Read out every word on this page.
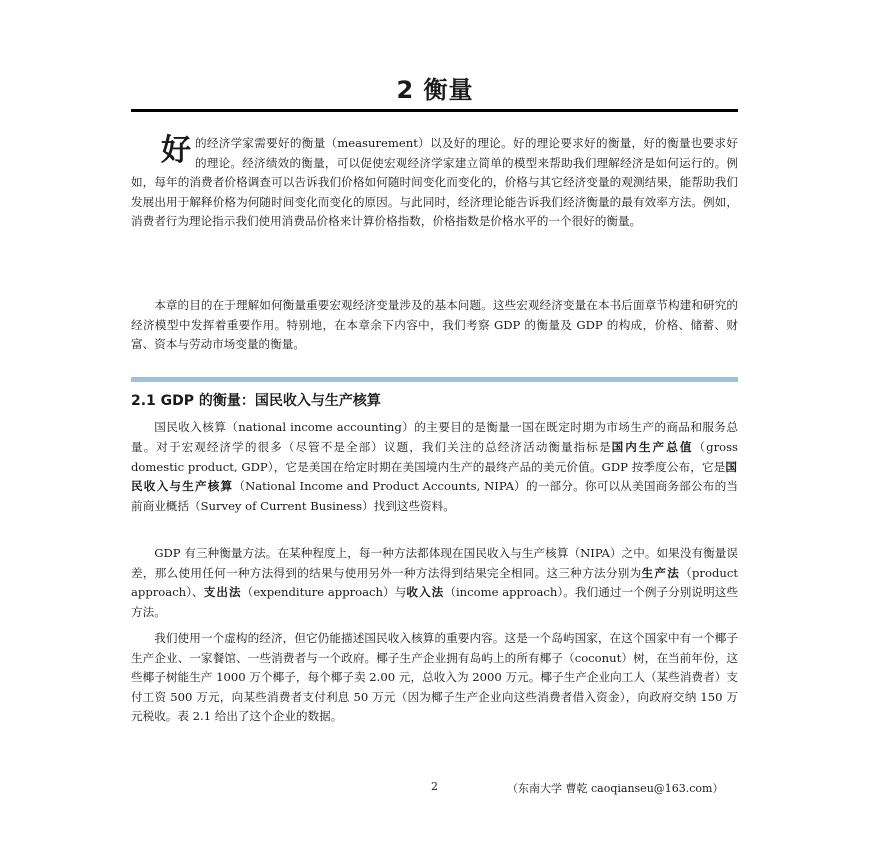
2 衡量
好的经济学家需要好的衡量（measurement）以及好的理论。好的理论要求好的衡量，好的衡量也要求好的理论。经济绩效的衡量，可以促使宏观经济学家建立简单的模型来帮助我们理解经济是如何运行的。例如，每年的消费者价格调查可以告诉我们价格如何随时间变化而变化的，价格与其它经济变量的观测结果，能帮助我们发展出用于解释价格为何随时间变化而变化的原因。与此同时，经济理论能告诉我们经济衡量的最有效率方法。例如，消费者行为理论指示我们使用消费品价格来计算价格指数，价格指数是价格水平的一个很好的衡量。
本章的目的在于理解如何衡量重要宏观经济变量涉及的基本问题。这些宏观经济变量在本书后面章节构建和研究的经济模型中发挥着重要作用。特别地，在本章余下内容中，我们考察 GDP 的衡量及 GDP 的构成，价格、储蓄、财富、资本与劳动市场变量的衡量。
2.1 GDP 的衡量：国民收入与生产核算
国民收入核算（national income accounting）的主要目的是衡量一国在既定时期为市场生产的商品和服务总量。对于宏观经济学的很多（尽管不是全部）议题，我们关注的总经济活动衡量指标是国内生产总值（gross domestic product, GDP），它是美国在给定时期在美国境内生产的最终产品的美元价值。GDP 按季度公布，它是国民收入与生产核算（National Income and Product Accounts, NIPA）的一部分。你可以从美国商务部公布的当前商业概括（Survey of Current Business）找到这些资料。
GDP 有三种衡量方法。在某种程度上，每一种方法都体现在国民收入与生产核算（NIPA）之中。如果没有衡量误差，那么使用任何一种方法得到的结果与使用另外一种方法得到结果完全相同。这三种方法分别为生产法（product approach）、支出法（expenditure approach）与收入法（income approach）。我们通过一个例子分别说明这些方法。
我们使用一个虚构的经济，但它仍能描述国民收入核算的重要内容。这是一个岛屿国家，在这个国家中有一个椰子生产企业、一家餐馆、一些消费者与一个政府。椰子生产企业拥有岛屿上的所有椰子（coconut）树，在当前年份，这些椰子树能生产 1000 万个椰子，每个椰子卖 2.00 元，总收入为 2000 万元。椰子生产企业向工人（某些消费者）支付工资 500 万元，向某些消费者支付利息 50 万元（因为椰子生产企业向这些消费者借入资金），向政府交纳 150 万元税收。表 2.1 给出了这个企业的数据。
2	（东南大学 曹乾 caoqianseu@163.com）
